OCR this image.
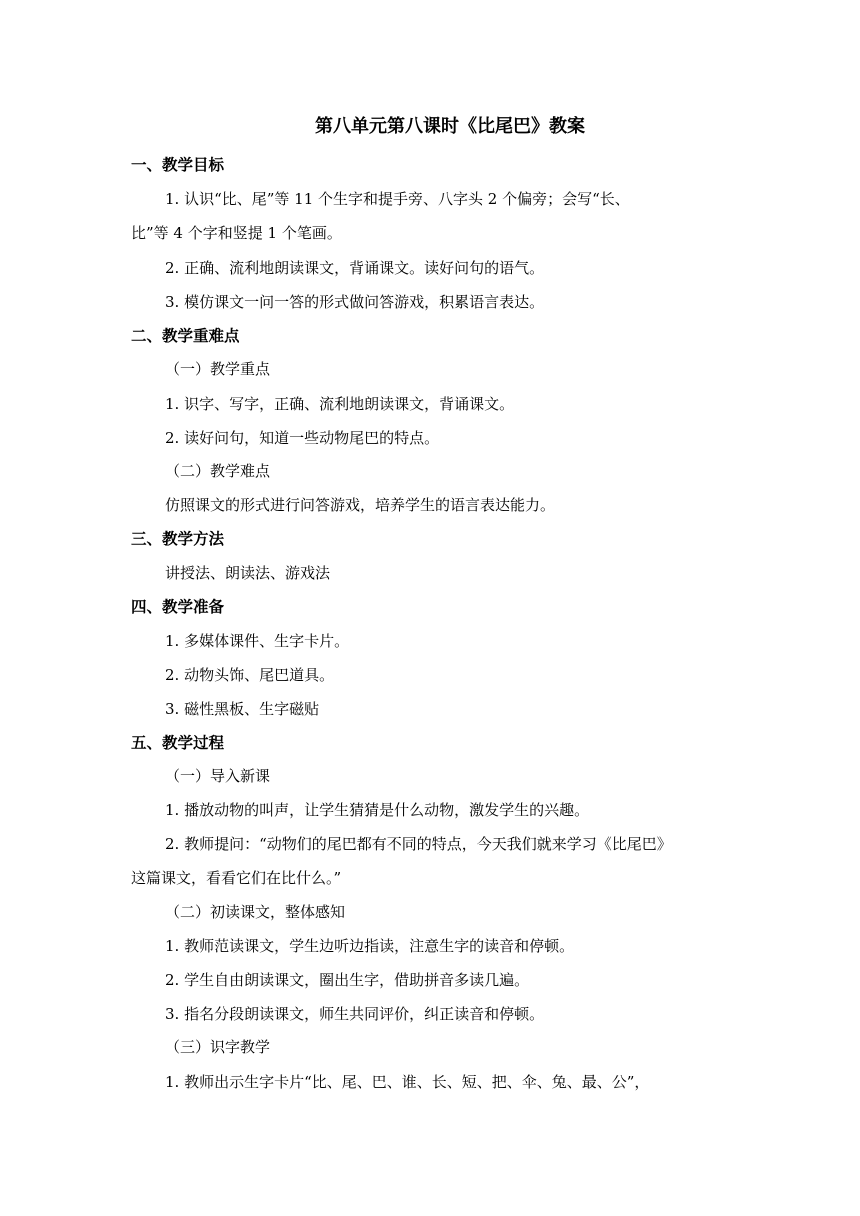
第八单元第八课时《比尾巴》教案
一、教学目标
1. 认识“比、尾”等 11 个生字和提手旁、八字头 2 个偏旁；会写“长、
比”等 4 个字和竖提 1 个笔画。
2. 正确、流利地朗读课文，背诵课文。读好问句的语气。
3. 模仿课文一问一答的形式做问答游戏，积累语言表达。
二、教学重难点
（一）教学重点
1. 识字、写字，正确、流利地朗读课文，背诵课文。
2. 读好问句，知道一些动物尾巴的特点。
（二）教学难点
仿照课文的形式进行问答游戏，培养学生的语言表达能力。
三、教学方法
讲授法、朗读法、游戏法
四、教学准备
1. 多媒体课件、生字卡片。
2. 动物头饰、尾巴道具。
3. 磁性黑板、生字磁贴
五、教学过程
（一）导入新课
1. 播放动物的叫声，让学生猜猜是什么动物，激发学生的兴趣。
2. 教师提问：“动物们的尾巴都有不同的特点，今天我们就来学习《比尾巴》
这篇课文，看看它们在比什么。”
（二）初读课文，整体感知
1. 教师范读课文，学生边听边指读，注意生字的读音和停顿。
2. 学生自由朗读课文，圈出生字，借助拼音多读几遍。
3. 指名分段朗读课文，师生共同评价，纠正读音和停顿。
（三）识字教学
1. 教师出示生字卡片“比、尾、巴、谁、长、短、把、伞、兔、最、公”，
